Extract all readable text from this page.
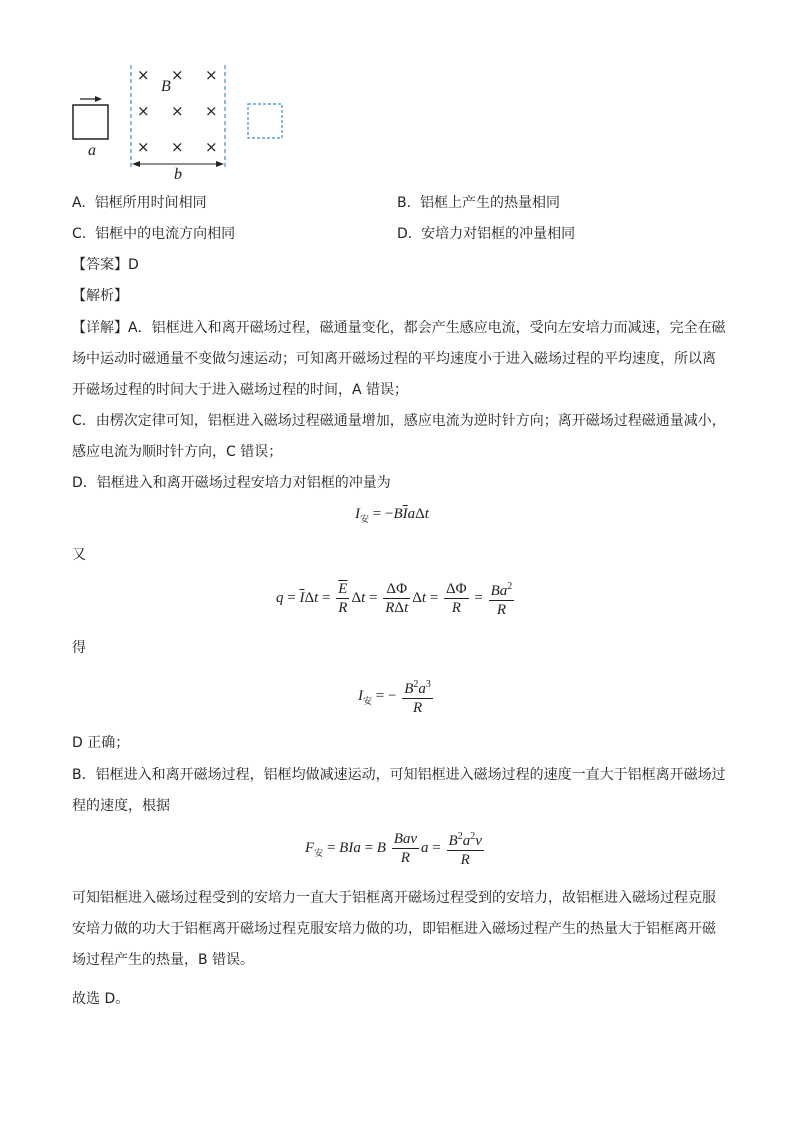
× × ×
× × ×
× × ×
B
a
b
A. 铝框所用时间相同	B. 铝框上产生的热量相同
C. 铝框中的电流方向相同	D. 安培力对铝框的冲量相同
【答案】D
【解析】
【详解】A．铝框进入和离开磁场过程，磁通量变化，都会产生感应电流，受向左安培力而减速，完全在磁
场中运动时磁通量不变做匀速运动；可知离开磁场过程的平均速度小于进入磁场过程的平均速度，所以离
开磁场过程的时间大于进入磁场过程的时间，A 错误；
C．由楞次定律可知，铝框进入磁场过程磁通量增加，感应电流为逆时针方向；离开磁场过程磁通量减小，
感应电流为顺时针方向，C 错误；
D．铝框进入和离开磁场过程安培力对铝框的冲量为
$I_安 = -B\overline{I}a\Delta t$
又
$q = \overline{I}\Delta t = \frac{\overline{E}}{R}$ $\Delta t = \frac{\Delta\Phi}{\text{RΔt}}$ $\Delta t = \frac{\Delta\Phi}{R} = \frac{Ba^2}{R}$
得
$I_安$ = − $\frac{B^2a^3}{R}$
D 正确；
B．铝框进入和离开磁场过程，铝框均做减速运动，可知铝框进入磁场过程的速度一直大于铝框离开磁场过
程的速度，根据
$F_安$ = BIa = B $\frac{\text{Bav}}{R}$ $a = \frac{B^2a^2v}{R}$
可知铝框进入磁场过程受到的安培力一直大于铝框离开磁场过程受到的安培力，故铝框进入磁场过程克服
安培力做的功大于铝框离开磁场过程克服安培力做的功，即铝框进入磁场过程产生的热量大于铝框离开磁
场过程产生的热量，B 错误。
故选 D。
